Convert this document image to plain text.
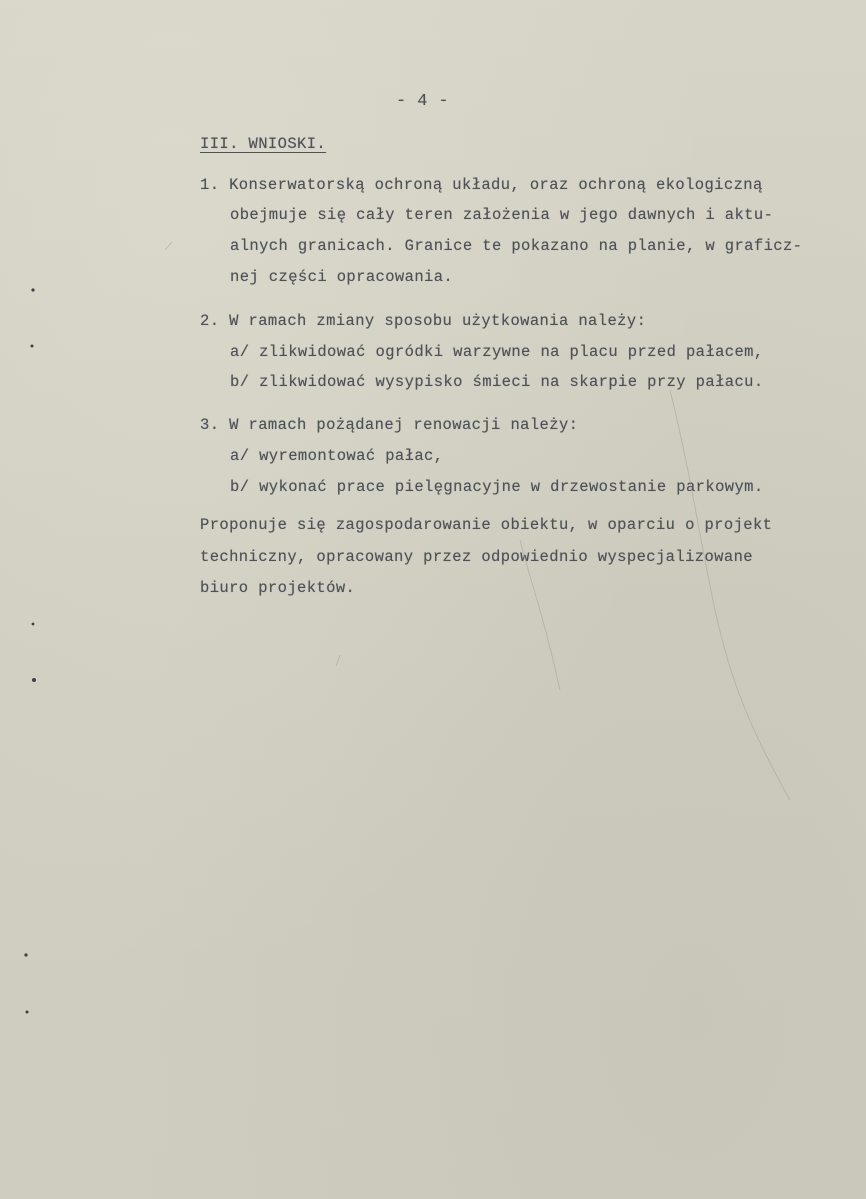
- 4 -
III. WNIOSKI.
1. Konserwatorską ochroną układu, oraz ochroną ekologiczną
obejmuje się cały teren założenia w jego dawnych i aktu-
alnych granicach. Granice te pokazano na planie, w graficz-
nej części opracowania.
2. W ramach zmiany sposobu użytkowania należy:
a/ zlikwidować ogródki warzywne na placu przed pałacem,
b/ zlikwidować wysypisko śmieci na skarpie przy pałacu.
3. W ramach pożądanej renowacji należy:
a/ wyremontować pałac,
b/ wykonać prace pielęgnacyjne w drzewostanie parkowym.
Proponuje się zagospodarowanie obiektu, w oparciu o projekt
techniczny, opracowany przez odpowiednio wyspecjalizowane
biuro projektów.
